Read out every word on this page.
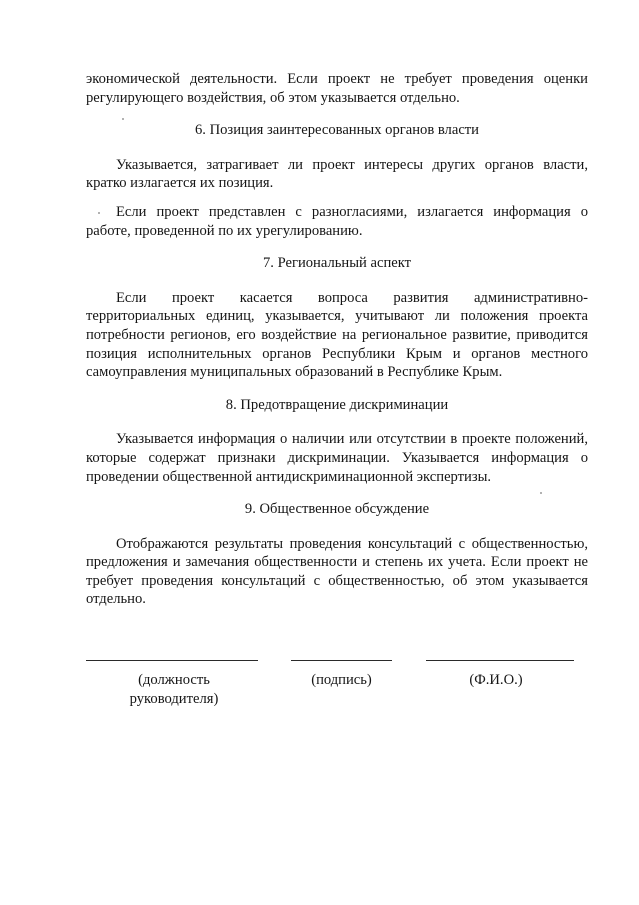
экономической деятельности. Если проект не требует проведения оценки регулирующего воздействия, об этом указывается отдельно.

6. Позиция заинтересованных органов власти

Указывается, затрагивает ли проект интересы других органов власти, кратко излагается их позиция.

Если проект представлен с разногласиями, излагается информация о работе, проведенной по их урегулированию.

7. Региональный аспект

Если проект касается вопроса развития административно-территориальных единиц, указывается, учитывают ли положения проекта потребности регионов, его воздействие на региональное развитие, приводится позиция исполнительных органов Республики Крым и органов местного самоуправления муниципальных образований в Республике Крым.

8. Предотвращение дискриминации

Указывается информация о наличии или отсутствии в проекте положений, которые содержат признаки дискриминации. Указывается информация о проведении общественной антидискриминационной экспертизы.

9. Общественное обсуждение

Отображаются результаты проведения консультаций с общественностью, предложения и замечания общественности и степень их учета. Если проект не требует проведения консультаций с общественностью, об этом указывается отдельно.

(должность
руководителя)
(подпись)	(Ф.И.О.)
